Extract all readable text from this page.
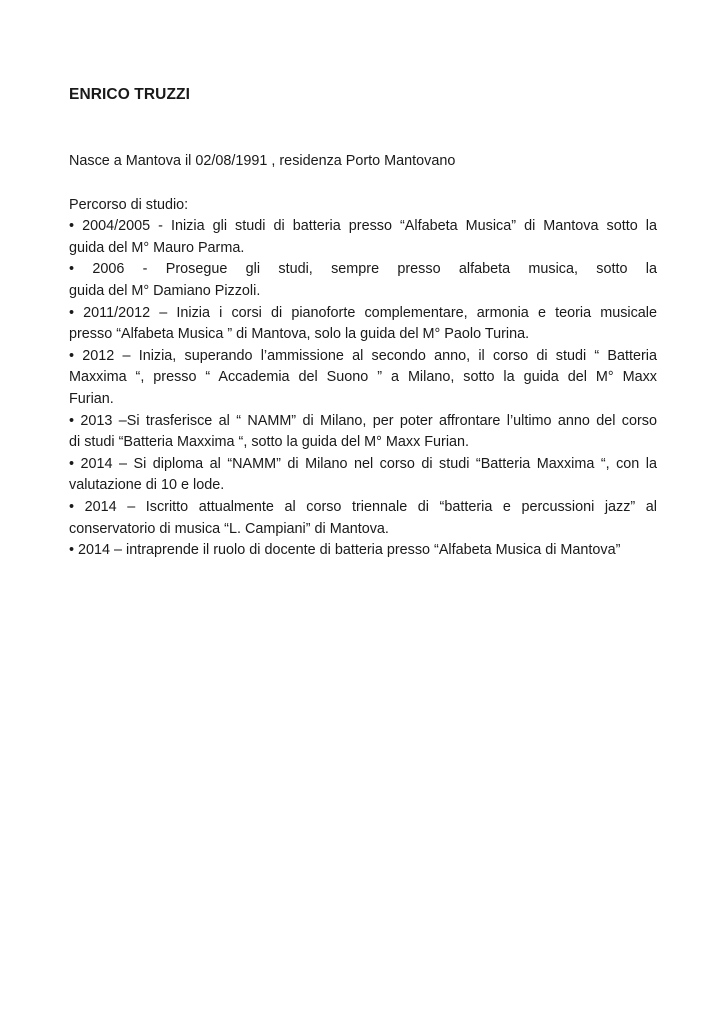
ENRICO TRUZZI

Nasce a Mantova il 02/08/1991 , residenza Porto Mantovano

Percorso di studio:

• 2004/2005 - Inizia gli studi di batteria presso “Alfabeta Musica” di Mantova sotto la
guida del M° Mauro Parma.

• 2006 - Prosegue gli studi, sempre presso alfabeta musica, sotto la
guida del M° Damiano Pizzoli.

• 2011/2012 – Inizia i corsi di pianoforte complementare, armonia e teoria musicale
presso “Alfabeta Musica ” di Mantova, solo la guida del M° Paolo Turina.

• 2012 – Inizia, superando l’ammissione al secondo anno, il corso di studi “ Batteria
Maxxima “, presso “ Accademia del Suono ” a Milano, sotto la guida del M° Maxx
Furian.

• 2013 –Si trasferisce al “ NAMM” di Milano, per poter affrontare l’ultimo anno del corso
di studi “Batteria Maxxima “, sotto la guida del M° Maxx Furian.

• 2014 – Si diploma al “NAMM” di Milano nel corso di studi “Batteria Maxxima “, con la
valutazione di 10 e lode.

• 2014 – Iscritto attualmente al corso triennale di “batteria e percussioni jazz” al
conservatorio di musica “L. Campiani” di Mantova.

• 2014 – intraprende il ruolo di docente di batteria presso “Alfabeta Musica di Mantova”
